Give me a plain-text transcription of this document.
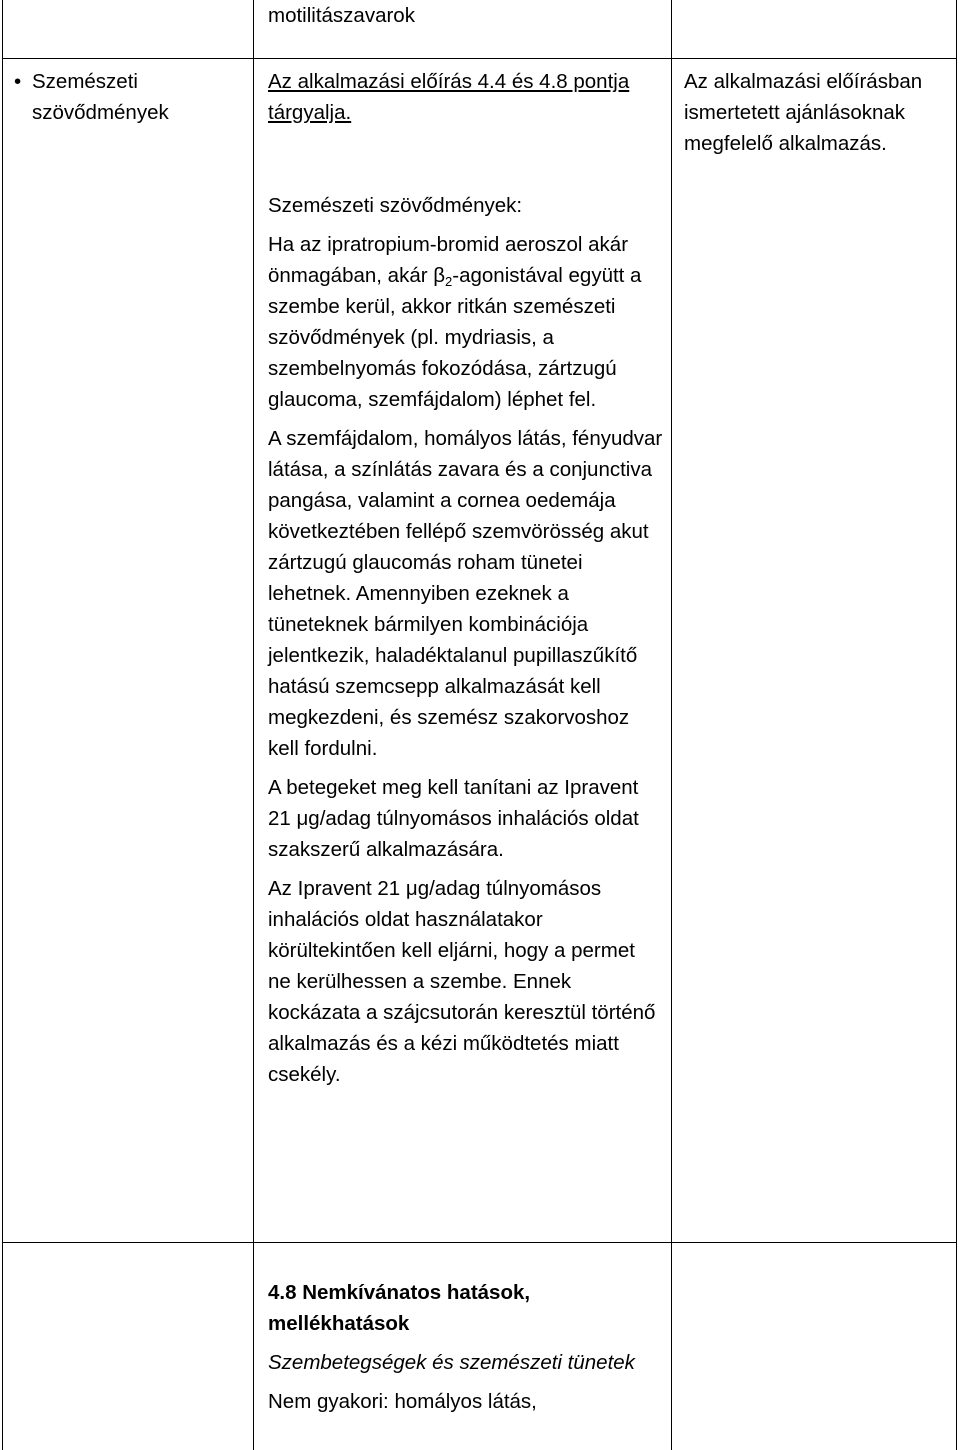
motilitászavarok

• Szemészeti szövődmények

Az alkalmazási előírás 4.4 és 4.8 pontja tárgyalja.

Szemészeti szövődmények:

Ha az ipratropium-bromid aeroszol akár önmagában, akár $\beta_2$-agonistával együtt a szembe kerül, akkor ritkán szemészeti szövődmények (pl. mydriasis, a szembelnyomás fokozódása, zártzugú glaucoma, szemfájdalom) léphet fel.

A szemfájdalom, homályos látás, fényudvar látása, a színlátás zavara és a conjunctiva pangása, valamint a cornea oedemája következtében fellépő szemvörösség akut zártzugú glaucomás roham tünetei lehetnek. Amennyiben ezeknek a tüneteknek bármilyen kombinációja jelentkezik, haladéktalanul pupillaszűkítő hatású szemcsepp alkalmazását kell megkezdeni, és szemész szakorvoshoz kell fordulni.

A betegeket meg kell tanítani az Ipravent 21 μg/adag túlnyomásos inhalációs oldat szakszerű alkalmazására.

Az Ipravent 21 μg/adag túlnyomásos inhalációs oldat használatakor körültekintően kell eljárni, hogy a permet ne kerülhessen a szembe. Ennek kockázata a szájcsutorán keresztül történő alkalmazás és a kézi működtetés miatt csekély.

Az alkalmazási előírásban ismertetett ajánlásoknak megfelelő alkalmazás.

4.8 Nemkívánatos hatások, mellékhatások

Szembetegségek és szemészeti tünetek

Nem gyakori: homályos látás,
